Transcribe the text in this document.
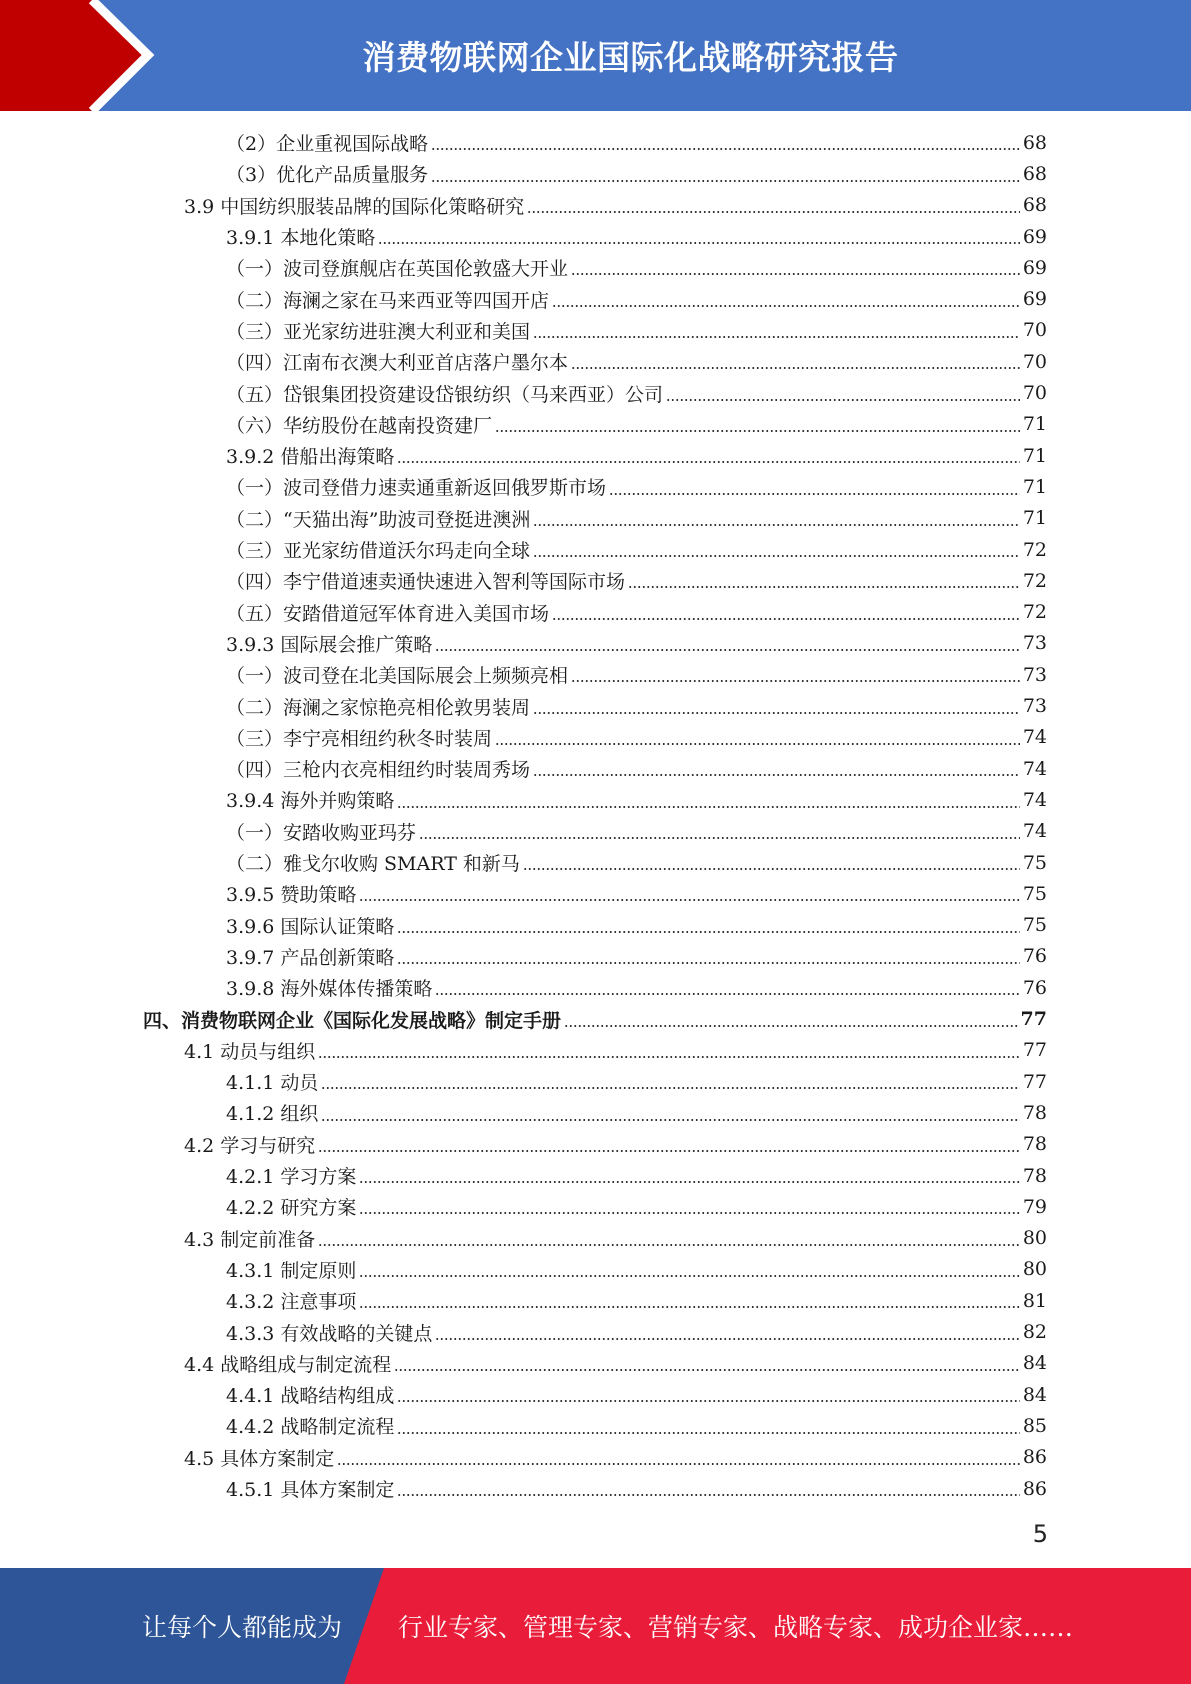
消费物联网企业国际化战略研究报告
（2）企业重视国际战略	68
（3）优化产品质量服务	68
3.9 中国纺织服装品牌的国际化策略研究	68
3.9.1 本地化策略	69
（一）波司登旗舰店在英国伦敦盛大开业	69
（二）海澜之家在马来西亚等四国开店	69
（三）亚光家纺进驻澳大利亚和美国	70
（四）江南布衣澳大利亚首店落户墨尔本	70
（五）岱银集团投资建设岱银纺织（马来西亚）公司	70
（六）华纺股份在越南投资建厂	71
3.9.2 借船出海策略	71
（一）波司登借力速卖通重新返回俄罗斯市场	71
（二）“天猫出海”助波司登挺进澳洲	71
（三）亚光家纺借道沃尔玛走向全球	72
（四）李宁借道速卖通快速进入智利等国际市场	72
（五）安踏借道冠军体育进入美国市场	72
3.9.3 国际展会推广策略	73
（一）波司登在北美国际展会上频频亮相	73
（二）海澜之家惊艳亮相伦敦男装周	73
（三）李宁亮相纽约秋冬时装周	74
（四）三枪内衣亮相纽约时装周秀场	74
3.9.4 海外并购策略	74
（一）安踏收购亚玛芬	74
（二）雅戈尔收购 SMART 和新马	75
3.9.5 赞助策略	75
3.9.6 国际认证策略	75
3.9.7 产品创新策略	76
3.9.8 海外媒体传播策略	76
四、消费物联网企业《国际化发展战略》制定手册	77
4.1 动员与组织	77
4.1.1 动员	77
4.1.2 组织	78
4.2 学习与研究	78
4.2.1 学习方案	78
4.2.2 研究方案	79
4.3 制定前准备	80
4.3.1 制定原则	80
4.3.2 注意事项	81
4.3.3 有效战略的关键点	82
4.4 战略组成与制定流程	84
4.4.1 战略结构组成	84
4.4.2 战略制定流程	85
4.5 具体方案制定	86
4.5.1 具体方案制定	86
5
让每个人都能成为 行业专家、管理专家、营销专家、战略专家、成功企业家……
